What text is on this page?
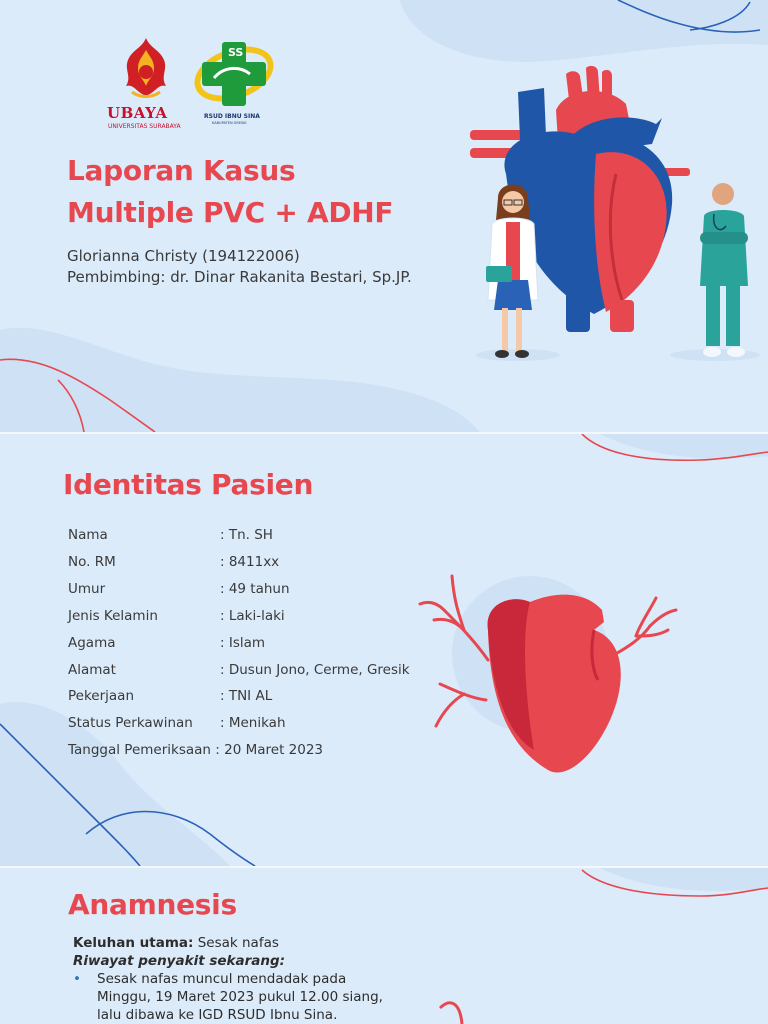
UBAYA
UNIVERSITAS SURABAYA
SS
RSUD IBNU SINA
KABUPATEN GRESIK
Laporan Kasus
Multiple PVC + ADHF
Glorianna Christy (194122006)
Pembimbing: dr. Dinar Rakanita Bestari, Sp.JP.
Identitas Pasien
Nama	: Tn. SH
No. RM	: 8411xx
Umur	: 49 tahun
Jenis Kelamin	: Laki-laki
Agama	: Islam
Alamat	: Dusun Jono, Cerme, Gresik
Pekerjaan	: TNI AL
Status Perkawinan : Menikah
Tanggal Pemeriksaan : 20 Maret 2023
Anamnesis
Keluhan utama: Sesak nafas
Riwayat penyakit sekarang:
• Sesak nafas muncul mendadak pada
Minggu, 19 Maret 2023 pukul 12.00 siang,
lalu dibawa ke IGD RSUD Ibnu Sina.
